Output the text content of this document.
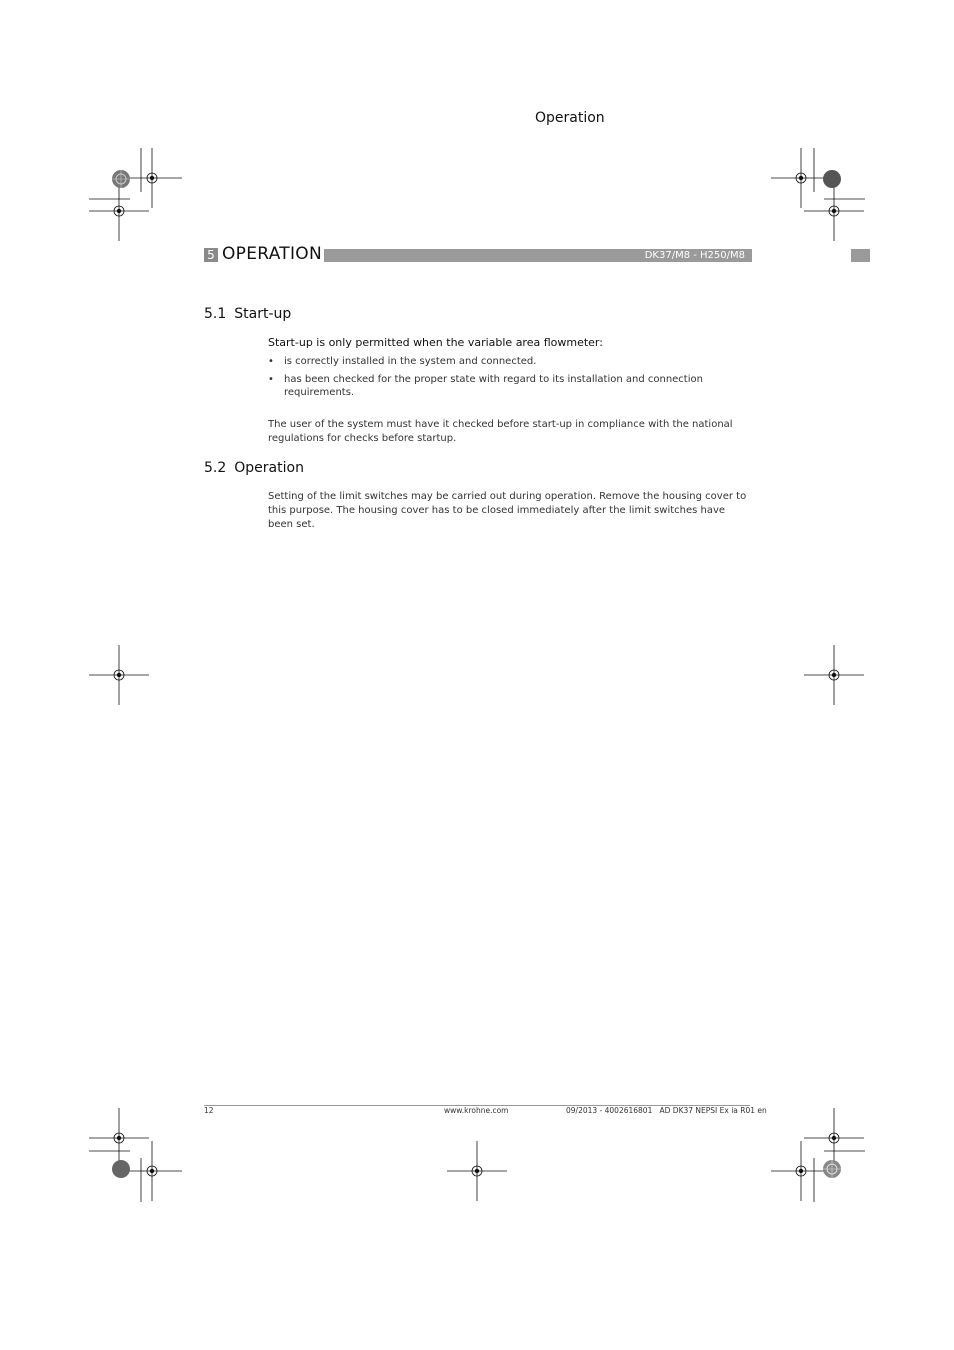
Operation
5 OPERATION	DK37/M8 - H250/M8
5.1 Start-up
Start-up is only permitted when the variable area flowmeter:
• is correctly installed in the system and connected.
• has been checked for the proper state with regard to its installation and connection requirements.
The user of the system must have it checked before start-up in compliance with the national regulations for checks before startup.
5.2 Operation
Setting of the limit switches may be carried out during operation. Remove the housing cover to this purpose. The housing cover has to be closed immediately after the limit switches have been set.
12	www.krohne.com	09/2013 - 4002616801   AD DK37 NEPSI Ex ia R01 en
